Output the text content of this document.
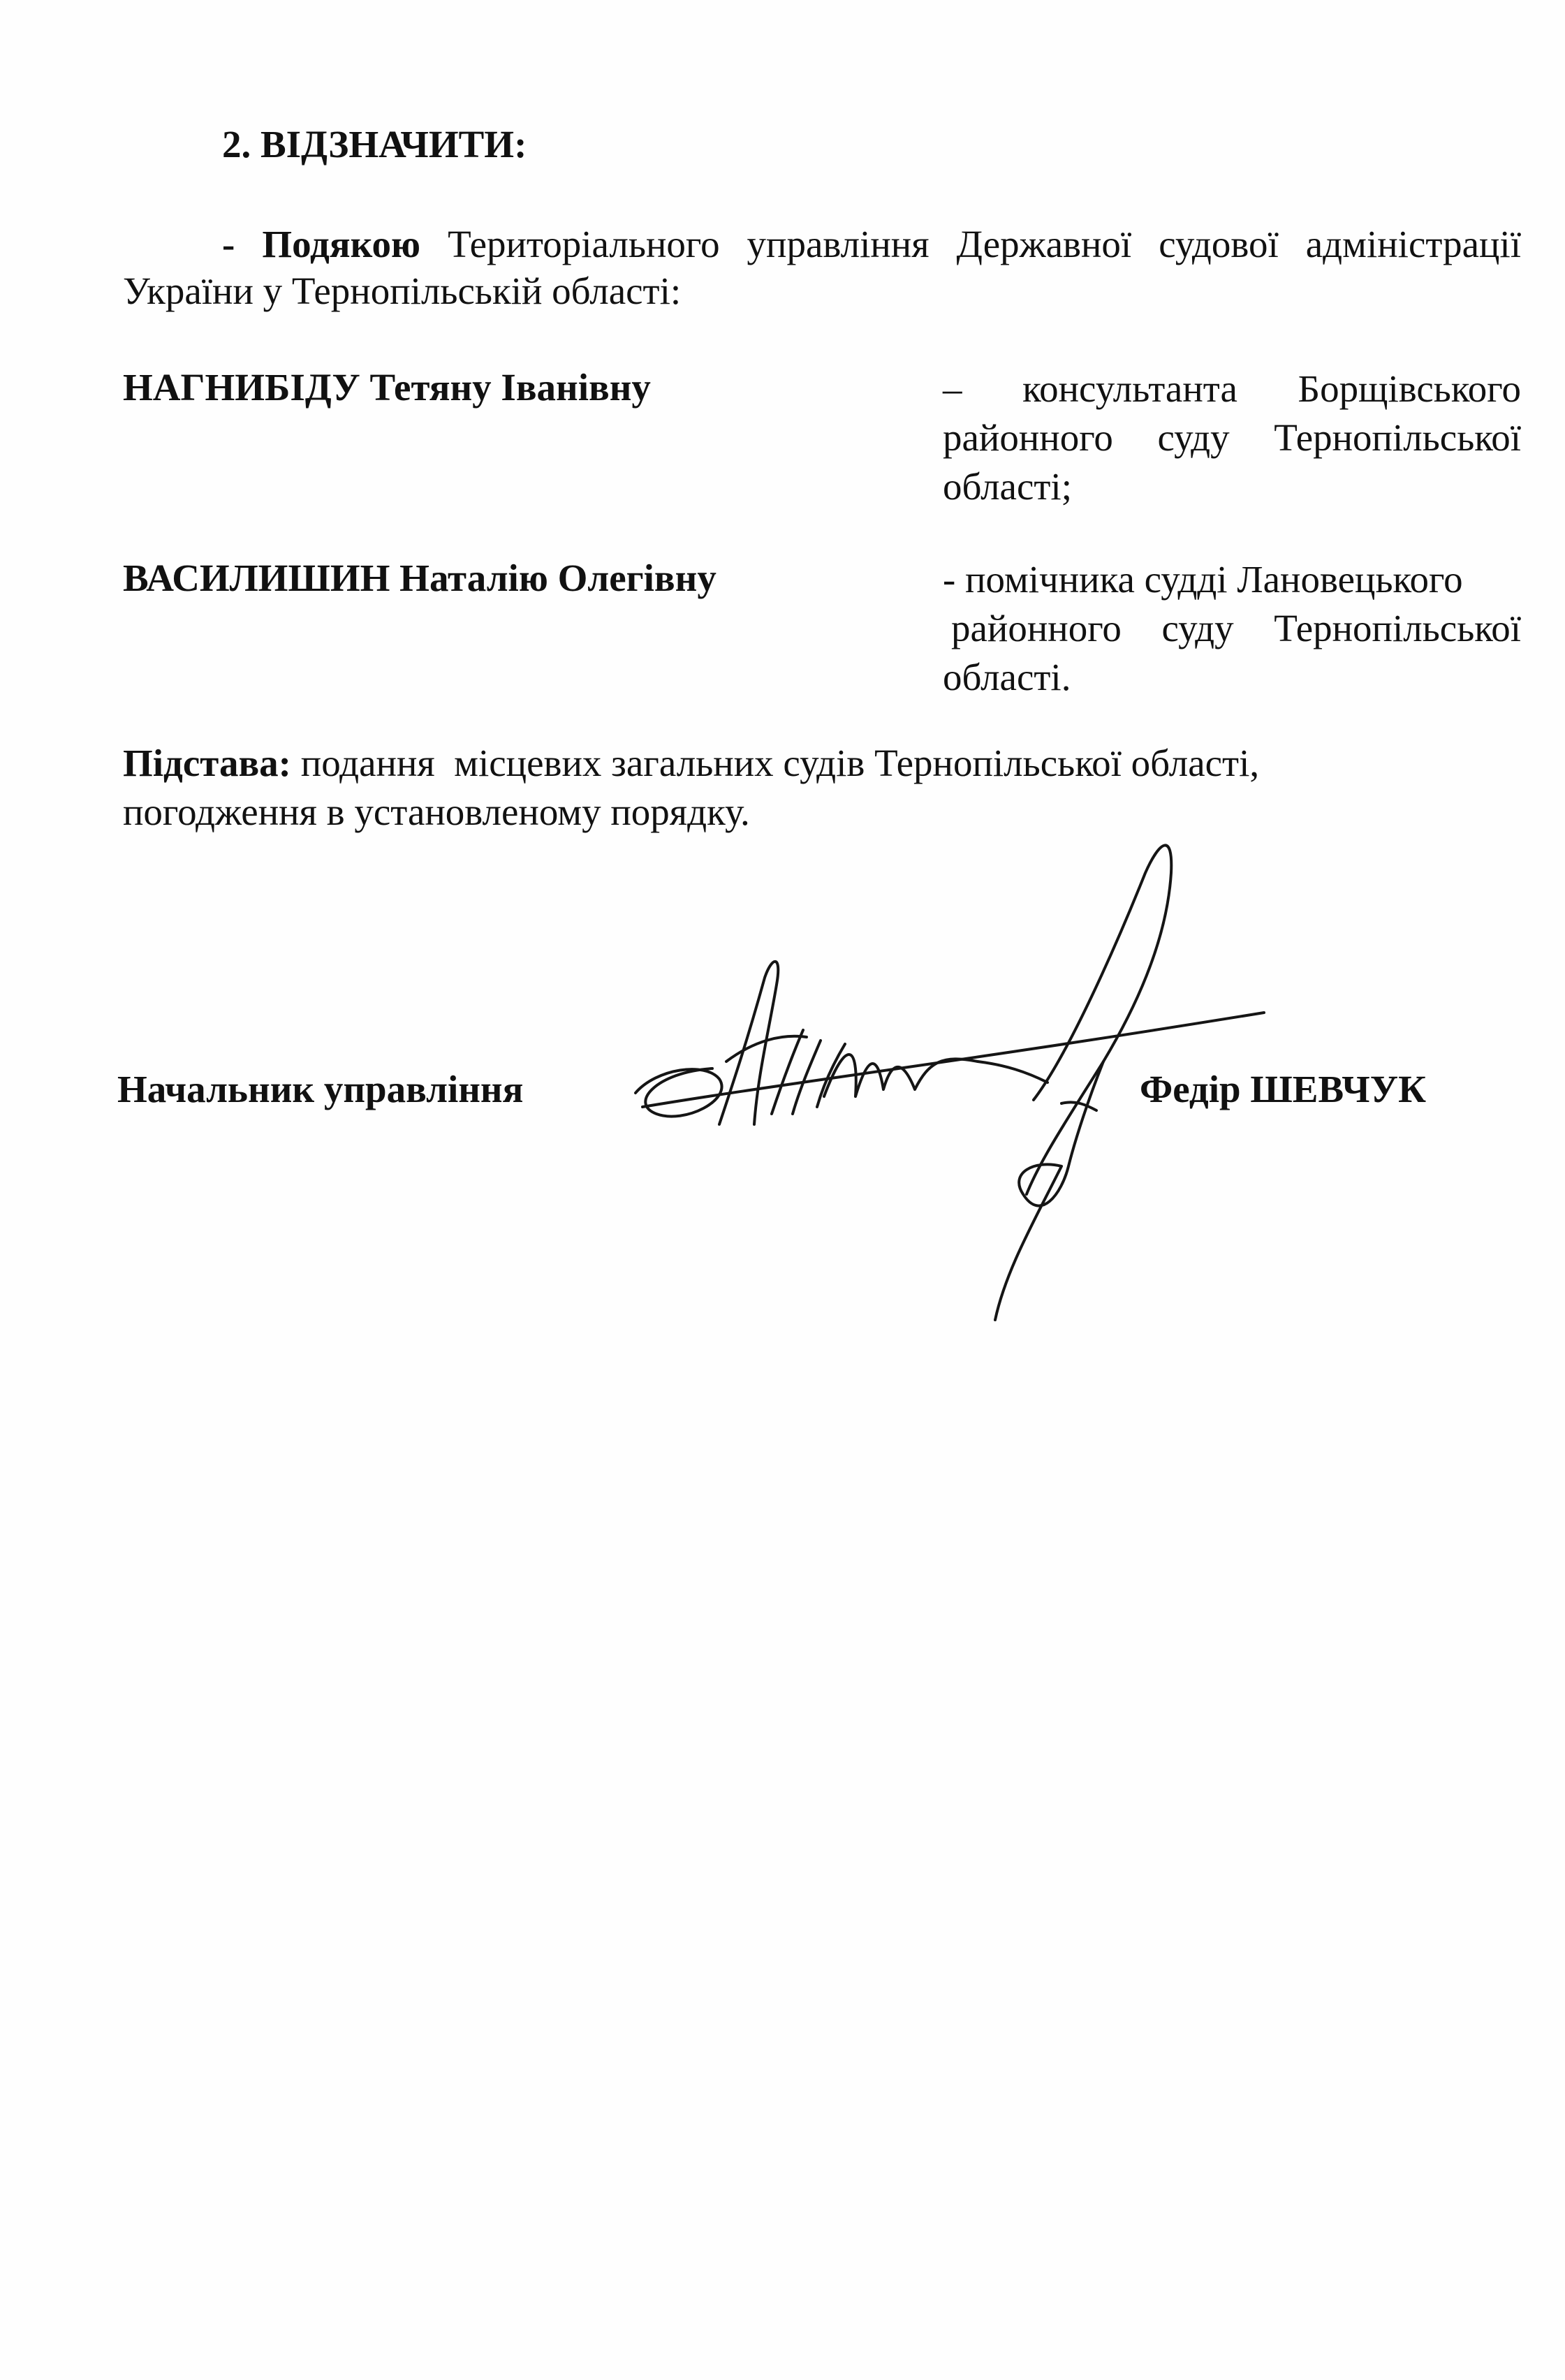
2. ВІДЗНАЧИТИ:
- Подякою Територіального управління Державної судової адміністрації
України у Тернопільській області:
НАГНИБІДУ Тетяну Іванівну	– консультанта Борщівського
районного суду Тернопільської
області;
ВАСИЛИШИН Наталію Олегівну	- помічника судді Лановецького
районного суду Тернопільської
області.
Підстава: подання  місцевих загальних судів Тернопільської області,
погодження в установленому порядку.
Начальник управління	Федір ШЕВЧУК
